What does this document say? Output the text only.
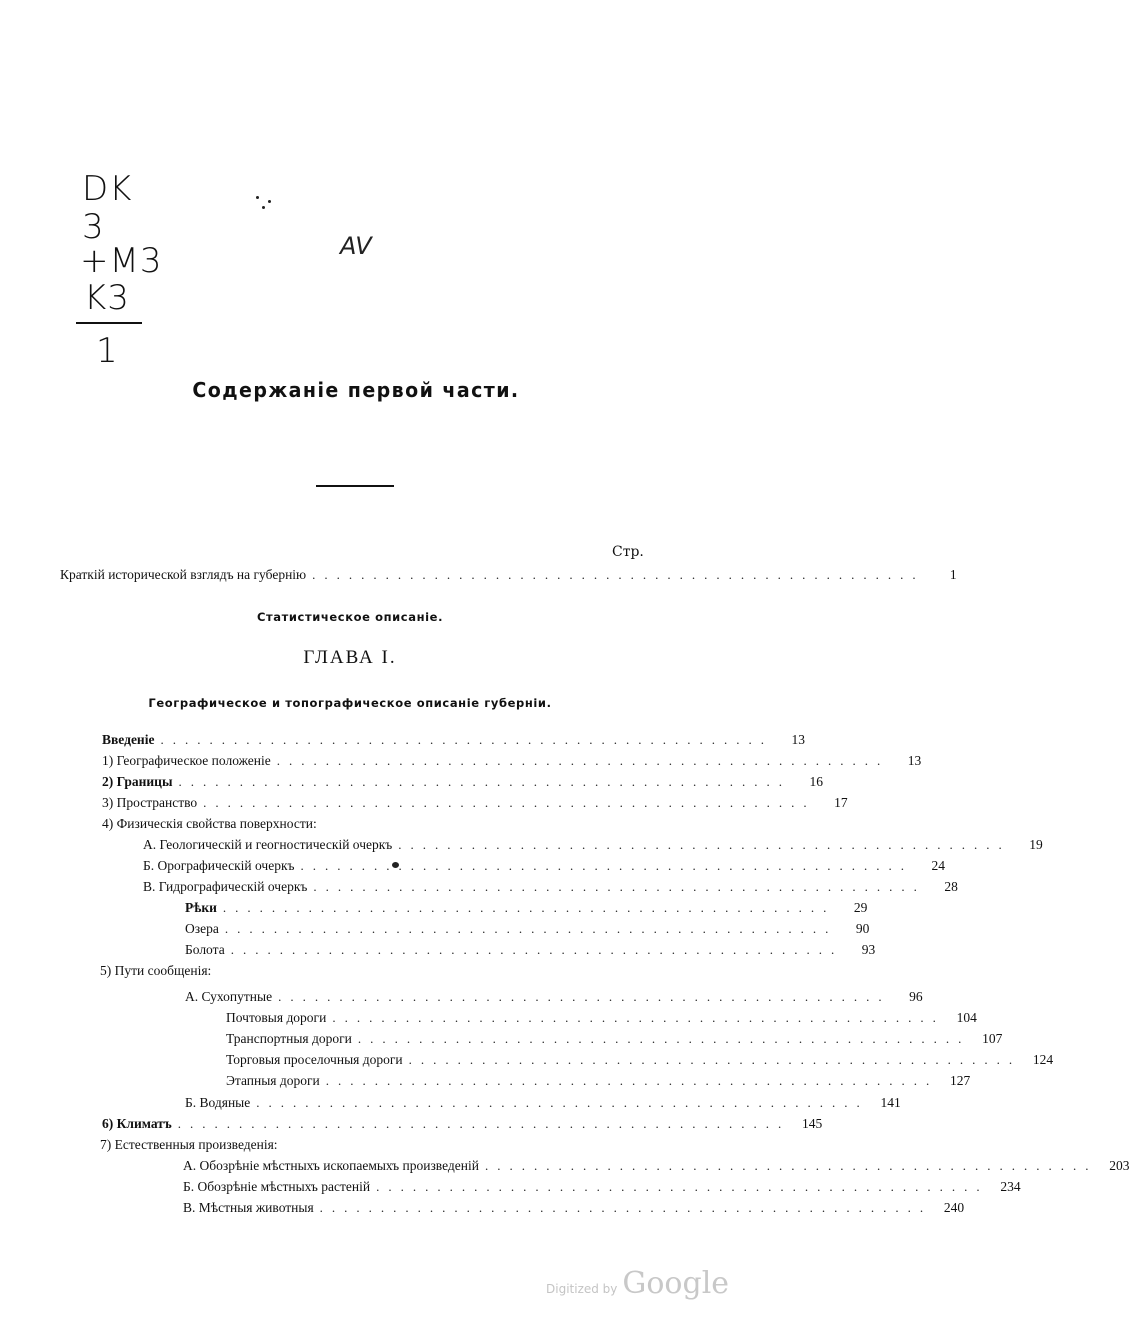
DK
3
+M3
K3
1
AV
Содержаніе первой части.
Стр.
Краткій исторической взглядъ на губернію ..................................................	1
Статистическое описаніе.
ГЛАВА I.
Географическое и топографическое описаніе губерніи.
Введеніе ..................................................	13
1) Географическое положеніе ..................................................	13
2) Границы ..................................................	16
3) Пространство ..................................................	17
4) Физическія свойства поверхности:
А. Геологическій и геогностическій очеркъ ..................................................	19
Б. Орографическій очеркъ ..................................................	24
В. Гидрографическій очеркъ ..................................................	28
Рѣки ..................................................	29
Озера ..................................................	90
Болота ..................................................	93
5) Пути сообщенія:
А. Сухопутные ..................................................	96
Почтовыя дороги .................................................. 104
Транспортныя дороги .................................................. 107
Торговыя проселочныя дороги .................................................. 124
Этапныя дороги .................................................. 127
Б. Водяные .................................................. 141
6) Климатъ .................................................. 145
7) Естественныя произведенія:
А. Обозрѣніе мѣстныхъ ископаемыхъ произведеній .................................................. 203
Б. Обозрѣніе мѣстныхъ растеній .................................................. 234
В. Мѣстныя животныя .................................................. 240
Digitized by Google
